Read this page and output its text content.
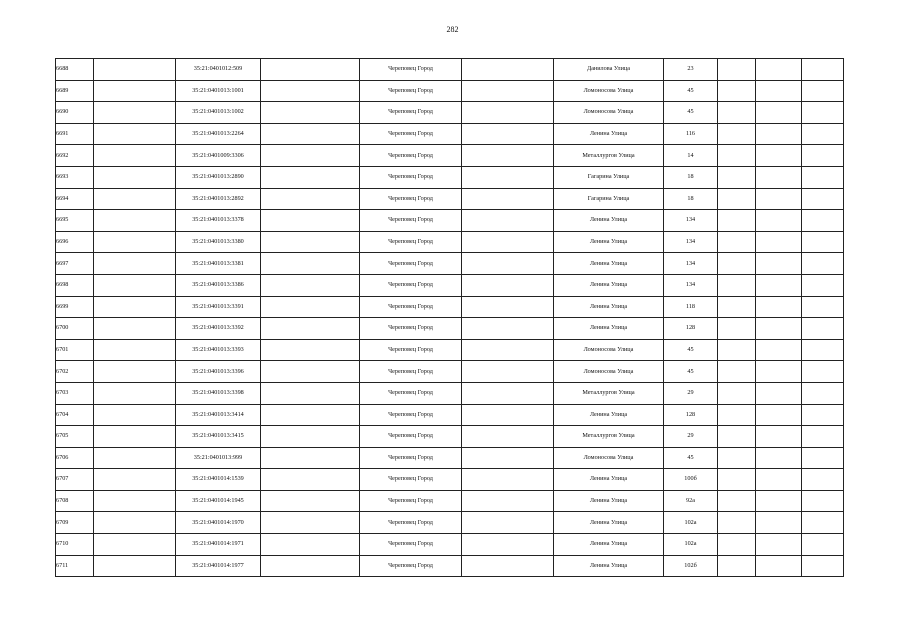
282
6688		35:21:0401012:509		Череповец Город		Данилова Улица	23			
6689		35:21:0401013:1001		Череповец Город		Ломоносова Улица	45			
6690		35:21:0401013:1002		Череповец Город		Ломоносова Улица	45			
6691		35:21:0401013:2264		Череповец Город		Ленина Улица	116			
6692		35:21:0401009:3306		Череповец Город		Металлургов Улица	14			
6693		35:21:0401013:2890		Череповец Город		Гагарина Улица	18			
6694		35:21:0401013:2892		Череповец Город		Гагарина Улица	18			
6695		35:21:0401013:3378		Череповец Город		Ленина Улица	134			
6696		35:21:0401013:3380		Череповец Город		Ленина Улица	134			
6697		35:21:0401013:3381		Череповец Город		Ленина Улица	134			
6698		35:21:0401013:3386		Череповец Город		Ленина Улица	134			
6699		35:21:0401013:3391		Череповец Город		Ленина Улица	118			
6700		35:21:0401013:3392		Череповец Город		Ленина Улица	128			
6701		35:21:0401013:3393		Череповец Город		Ломоносова Улица	45			
6702		35:21:0401013:3396		Череповец Город		Ломоносова Улица	45			
6703		35:21:0401013:3398		Череповец Город		Металлургов Улица	29			
6704		35:21:0401013:3414		Череповец Город		Ленина Улица	128			
6705		35:21:0401013:3415		Череповец Город		Металлургов Улица	29			
6706		35:21:0401013:999		Череповец Город		Ломоносова Улица	45			
6707		35:21:0401014:1539		Череповец Город		Ленина Улица	100б			
6708		35:21:0401014:1945		Череповец Город		Ленина Улица	92а			
6709		35:21:0401014:1970		Череповец Город		Ленина Улица	102а			
6710		35:21:0401014:1971		Череповец Город		Ленина Улица	102а			
6711		35:21:0401014:1977		Череповец Город		Ленина Улица	102б			
